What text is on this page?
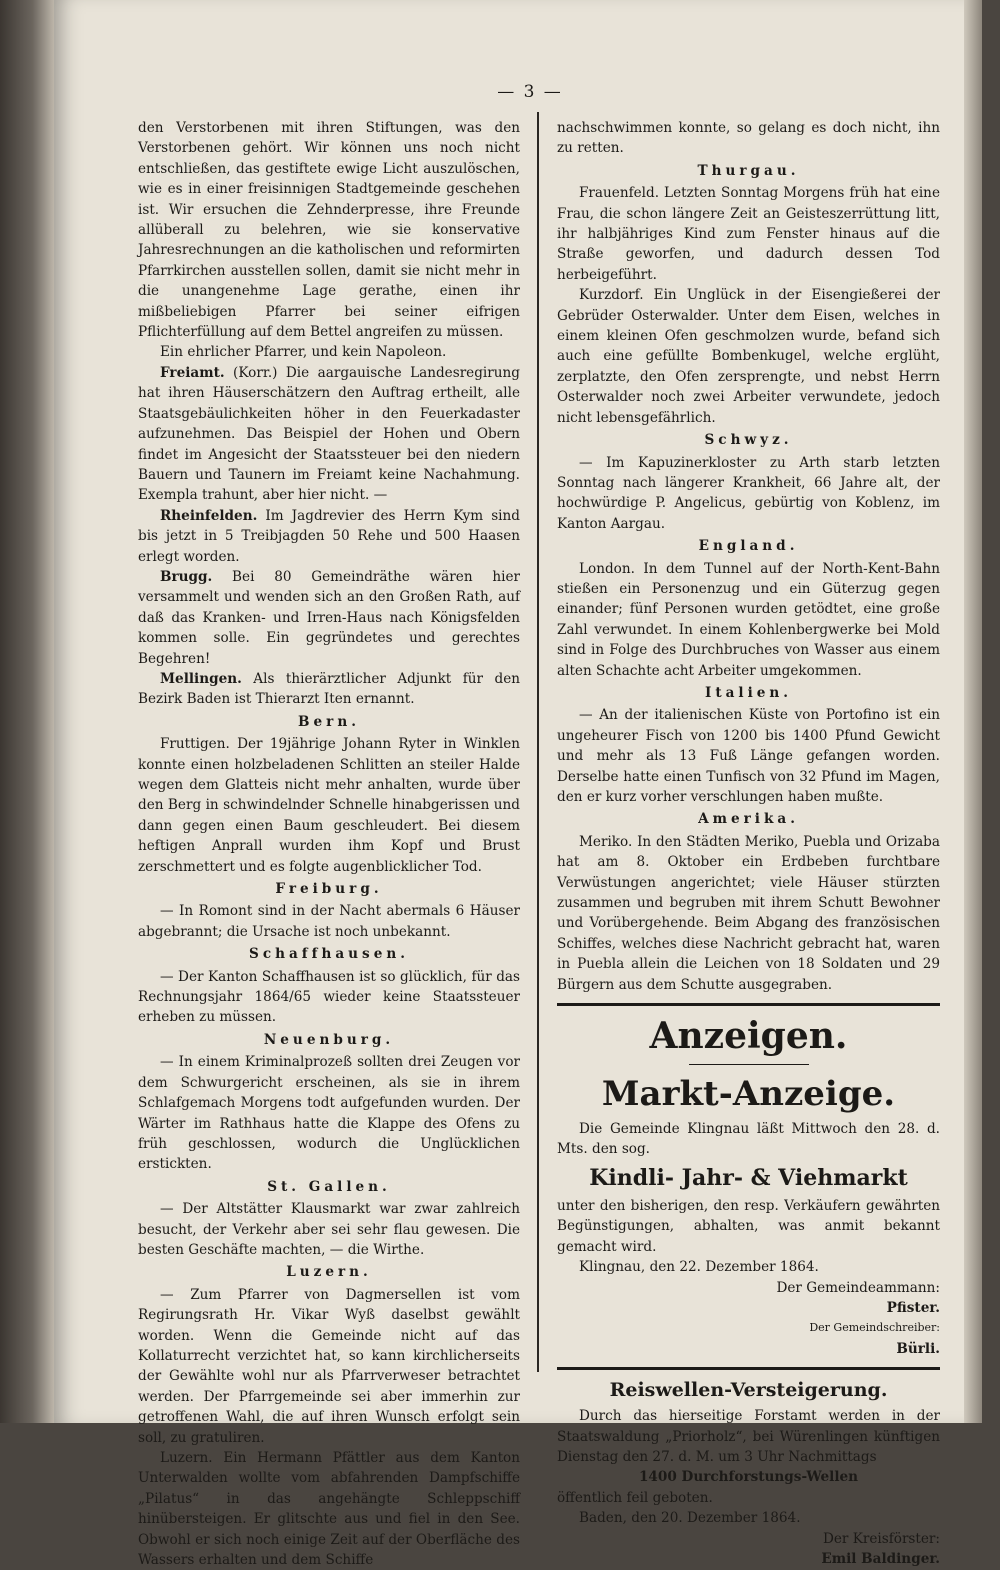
— 3 —

den Verstorbenen mit ihren Stiftungen, was den Verstorbenen gehört. Wir können uns noch nicht entschließen, das gestiftete ewige Licht auszulöschen, wie es in einer freisinnigen Stadtgemeinde geschehen ist. Wir ersuchen die Zehnderpresse, ihre Freunde allüberall zu belehren, wie sie konservative Jahresrechnungen an die katholischen und reformirten Pfarrkirchen ausstellen sollen, damit sie nicht mehr in die unangenehme Lage gerathe, einen ihr mißbeliebigen Pfarrer bei seiner eifrigen Pflichterfüllung auf dem Bettel angreifen zu müssen.

Ein ehrlicher Pfarrer, und kein Napoleon.

Freiamt. (Korr.) Die aargauische Landesregirung hat ihren Häuserschätzern den Auftrag ertheilt, alle Staatsgebäulichkeiten höher in den Feuerkadaster aufzunehmen. Das Beispiel der Hohen und Obern findet im Angesicht der Staatssteuer bei den niedern Bauern und Taunern im Freiamt keine Nachahmung. Exempla trahunt, aber hier nicht. —

Rheinfelden. Im Jagdrevier des Herrn Kym sind bis jetzt in 5 Treibjagden 50 Rehe und 500 Haasen erlegt worden.

Brugg. Bei 80 Gemeindräthe wären hier versammelt und wenden sich an den Großen Rath, auf daß das Kranken- und Irren-Haus nach Königsfelden kommen solle. Ein gegründetes und gerechtes Begehren!

Mellingen. Als thierärztlicher Adjunkt für den Bezirk Baden ist Thierarzt Iten ernannt.

Bern.

Fruttigen. Der 19jährige Johann Ryter in Winklen konnte einen holzbeladenen Schlitten an steiler Halde wegen dem Glatteis nicht mehr anhalten, wurde über den Berg in schwindelnder Schnelle hinabgerissen und dann gegen einen Baum geschleudert. Bei diesem heftigen Anprall wurden ihm Kopf und Brust zerschmettert und es folgte augenblicklicher Tod.

Freiburg.

— In Romont sind in der Nacht abermals 6 Häuser abgebrannt; die Ursache ist noch unbekannt.

Schaffhausen.

— Der Kanton Schaffhausen ist so glücklich, für das Rechnungsjahr 1864/65 wieder keine Staatssteuer erheben zu müssen.

Neuenburg.

— In einem Kriminalprozeß sollten drei Zeugen vor dem Schwurgericht erscheinen, als sie in ihrem Schlafgemach Morgens todt aufgefunden wurden. Der Wärter im Rathhaus hatte die Klappe des Ofens zu früh geschlossen, wodurch die Unglücklichen erstickten.

St. Gallen.

— Der Altstätter Klausmarkt war zwar zahlreich besucht, der Verkehr aber sei sehr flau gewesen. Die besten Geschäfte machten, — die Wirthe.

Luzern.

— Zum Pfarrer von Dagmersellen ist vom Regirungsrath Hr. Vikar Wyß daselbst gewählt worden. Wenn die Gemeinde nicht auf das Kollaturrecht verzichtet hat, so kann kirchlicherseits der Gewählte wohl nur als Pfarrverweser betrachtet werden. Der Pfarrgemeinde sei aber immerhin zur getroffenen Wahl, die auf ihren Wunsch erfolgt sein soll, zu gratuliren.

Luzern. Ein Hermann Pfättler aus dem Kanton Unterwalden wollte vom abfahrenden Dampfschiffe „Pilatus“ in das angehängte Schleppschiff hinübersteigen. Er glitschte aus und fiel in den See. Obwohl er sich noch einige Zeit auf der Oberfläche des Wassers erhalten und dem Schiffe

nachschwimmen konnte, so gelang es doch nicht, ihn zu retten.

Thurgau.

Frauenfeld. Letzten Sonntag Morgens früh hat eine Frau, die schon längere Zeit an Geisteszerrüttung litt, ihr halbjähriges Kind zum Fenster hinaus auf die Straße geworfen, und dadurch dessen Tod herbeigeführt.

Kurzdorf. Ein Unglück in der Eisengießerei der Gebrüder Osterwalder. Unter dem Eisen, welches in einem kleinen Ofen geschmolzen wurde, befand sich auch eine gefüllte Bombenkugel, welche erglüht, zerplatzte, den Ofen zersprengte, und nebst Herrn Osterwalder noch zwei Arbeiter verwundete, jedoch nicht lebensgefährlich.

Schwyz.

— Im Kapuzinerkloster zu Arth starb letzten Sonntag nach längerer Krankheit, 66 Jahre alt, der hochwürdige P. Angelicus, gebürtig von Koblenz, im Kanton Aargau.

England.

London. In dem Tunnel auf der North-Kent-Bahn stießen ein Personenzug und ein Güterzug gegen einander; fünf Personen wurden getödtet, eine große Zahl verwundet. In einem Kohlenbergwerke bei Mold sind in Folge des Durchbruches von Wasser aus einem alten Schachte acht Arbeiter umgekommen.

Italien.

— An der italienischen Küste von Portofino ist ein ungeheurer Fisch von 1200 bis 1400 Pfund Gewicht und mehr als 13 Fuß Länge gefangen worden. Derselbe hatte einen Tunfisch von 32 Pfund im Magen, den er kurz vorher verschlungen haben mußte.

Amerika.

Meriko. In den Städten Meriko, Puebla und Orizaba hat am 8. Oktober ein Erdbeben furchtbare Verwüstungen angerichtet; viele Häuser stürzten zusammen und begruben mit ihrem Schutt Bewohner und Vorübergehende. Beim Abgang des französischen Schiffes, welches diese Nachricht gebracht hat, waren in Puebla allein die Leichen von 18 Soldaten und 29 Bürgern aus dem Schutte ausgegraben.

Anzeigen.
Markt-Anzeige.

Die Gemeinde Klingnau läßt Mittwoch den 28. d. Mts. den sog.

Kindli- Jahr- & Viehmarkt

unter den bisherigen, den resp. Verkäufern gewährten Begünstigungen, abhalten, was anmit bekannt gemacht wird.

Klingnau, den 22. Dezember 1864.

Der Gemeindeammann:

Pfister.

Der Gemeindschreiber:

Bürli.

Reiswellen-Versteigerung.

Durch das hierseitige Forstamt werden in der Staatswaldung „Priorholz“, bei Würenlingen künftigen Dienstag den 27. d. M. um 3 Uhr Nachmittags

1400 Durchforstungs-Wellen

öffentlich feil geboten.

Baden, den 20. Dezember 1864.

Der Kreisförster:

Emil Baldinger.
